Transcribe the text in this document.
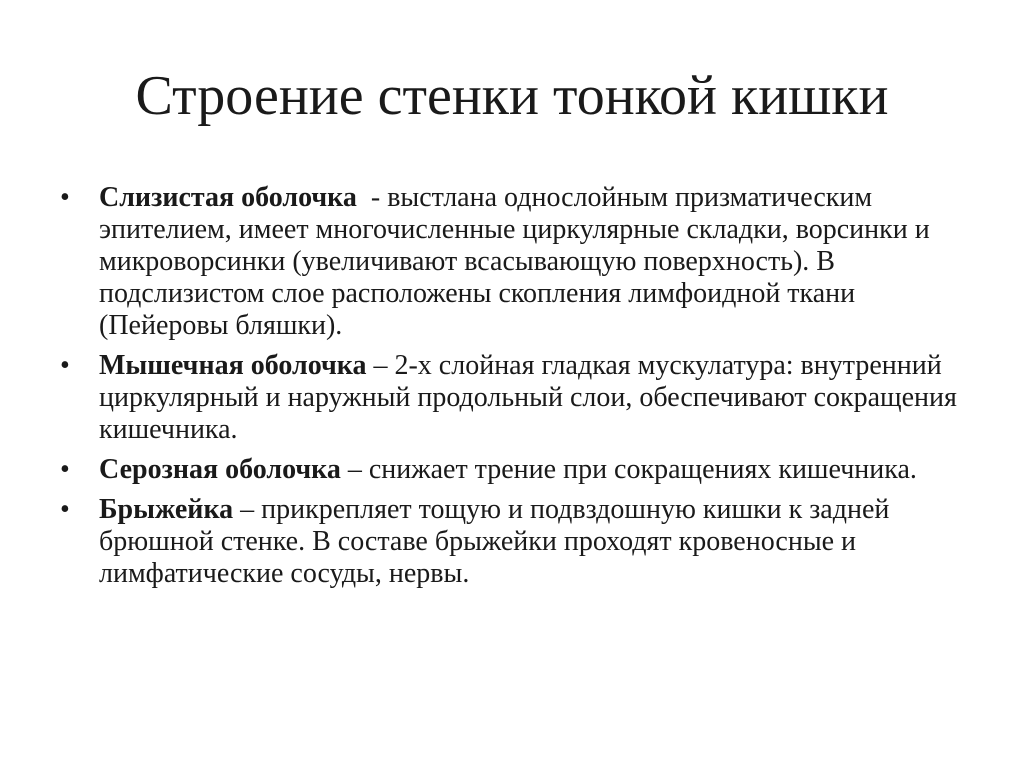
Строение стенки тонкой кишки
• Слизистая оболочка  - выстлана однослойным призматическим эпителием, имеет многочисленные циркулярные складки, ворсинки и микроворсинки (увеличивают всасывающую поверхность). В подслизистом слое расположены скопления лимфоидной ткани (Пейеровы бляшки).
• Мышечная оболочка – 2-х слойная гладкая мускулатура: внутренний циркулярный и наружный продольный слои, обеспечивают сокращения кишечника.
• Серозная оболочка – снижает трение при сокращениях кишечника.
• Брыжейка – прикрепляет тощую и подвздошную кишки к задней брюшной стенке. В составе брыжейки проходят кровеносные и лимфатические сосуды, нервы.
